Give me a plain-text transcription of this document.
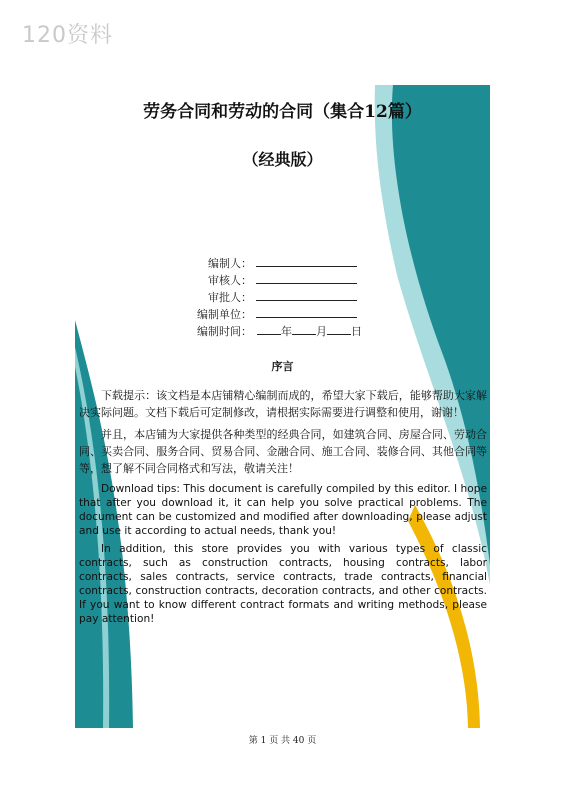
120资料
劳务合同和劳动的合同（集合12篇）
（经典版）
编制人：
审核人：
审批人：
编制单位：
编制时间：	年 月 日
序言

下载提示：该文档是本店铺精心编制而成的，希望大家下载后，能够帮助大家解决实际问题。文档下载后可定制修改，请根据实际需要进行调整和使用，谢谢！

并且，本店铺为大家提供各种类型的经典合同，如建筑合同、房屋合同、劳动合同、买卖合同、服务合同、贸易合同、金融合同、施工合同、装修合同、其他合同等等，想了解不同合同格式和写法，敬请关注！

Download tips: This document is carefully compiled by this editor. I hope that after you download it, it can help you solve practical problems. The document can be customized and modified after downloading, please adjust and use it according to actual needs, thank you!

In addition, this store provides you with various types of classic contracts, such as construction contracts, housing contracts, labor contracts, sales contracts, service contracts, trade contracts, financial contracts, construction contracts, decoration contracts, and other contracts. If you want to know different contract formats and writing methods, please pay attention!

第 1 页 共 40 页
